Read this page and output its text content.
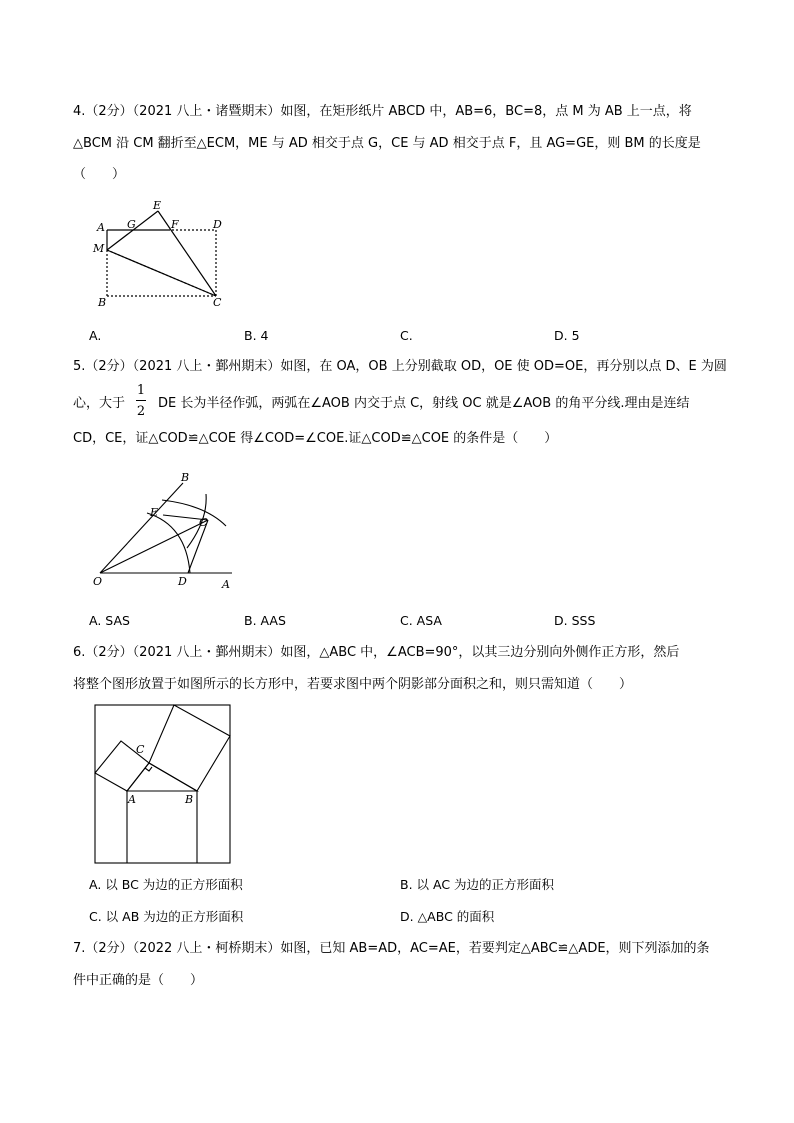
4.（2分）（2021 八上・诸暨期末）如图，在矩形纸片 ABCD 中，AB=6，BC=8，点 M 为 AB 上一点，将
△BCM 沿 CM 翻折至△ECM，ME 与 AD 相交于点 G，CE 与 AD 相交于点 F，且 AG=GE，则 BM 的长度是
（　　）
A G
E
F	D
M
B	C
A.	B. 4	C.	D. 5
5.（2分）（2021 八上・鄞州期末）如图，在 OA，OB 上分别截取 OD，OE 使 OD=OE，再分别以点 D、E 为圆
心，大于
1
2
DE 长为半径作弧，两弧在∠AOB 内交于点 C，射线 OC 就是∠AOB 的角平分线.理由是连结
CD，CE，证△COD≌△COE 得∠COD=∠COE.证△COD≌△COE 的条件是（　　）
B
E
C
O	D	A
A. SAS	B. AAS	C. ASA	D. SSS
6.（2分）（2021 八上・鄞州期末）如图，△ABC 中，∠ACB=90°，以其三边分别向外侧作正方形，然后
将整个图形放置于如图所示的长方形中，若要求图中两个阴影部分面积之和，则只需知道（　　）
C
A	B
A. 以 BC 为边的正方形面积	B. 以 AC 为边的正方形面积
C. 以 AB 为边的正方形面积	D. △ABC 的面积
7.（2分）（2022 八上・柯桥期末）如图，已知 AB=AD，AC=AE，若要判定△ABC≌△ADE，则下列添加的条
件中正确的是（　　）
